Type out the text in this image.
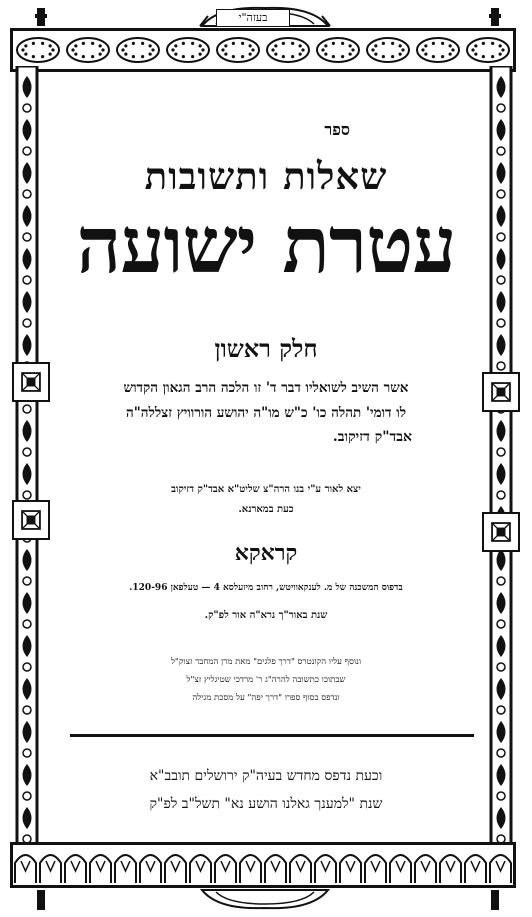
בעזה"י
ספר
שאלות ותשובות
עטרת ישועה
חלק ראשון
אשר השיב לשואליו דבר ד' זו הלכה הרב הגאון הקדוש
לו דומי' תהלה כו' כ"ש מו"ה יהושע הורוויץ זצללה"ה
אבד"ק דזיקוב.
יצא לאור ע"י בנו הרה"צ שליט"א אבד"ק דזיקוב
כעת במארנא.
קראקא
בדפוס המשכנה של מ. לענקאוויטש, רחוב מיזעלסא 4 — טעלפאן 120-96.
שנת באור"ך נרא"ה אור לפ"ק.
ונוסף עליו הקונטרס "דרך פלגים" מאת מרן המחבר זצוק"ל
שבתוכו כתשובה להרה"ג ר' מרדכי שטיגליץ זצ"ל
ונדפס בסוף ספרו "דרך יפה" על מסכת מגילה
וכעת נדפס מחדש בעיה"ק ירושלים תובב"א
שנת "למענך גאלנו הושע נא" תשל"ב לפ"ק
